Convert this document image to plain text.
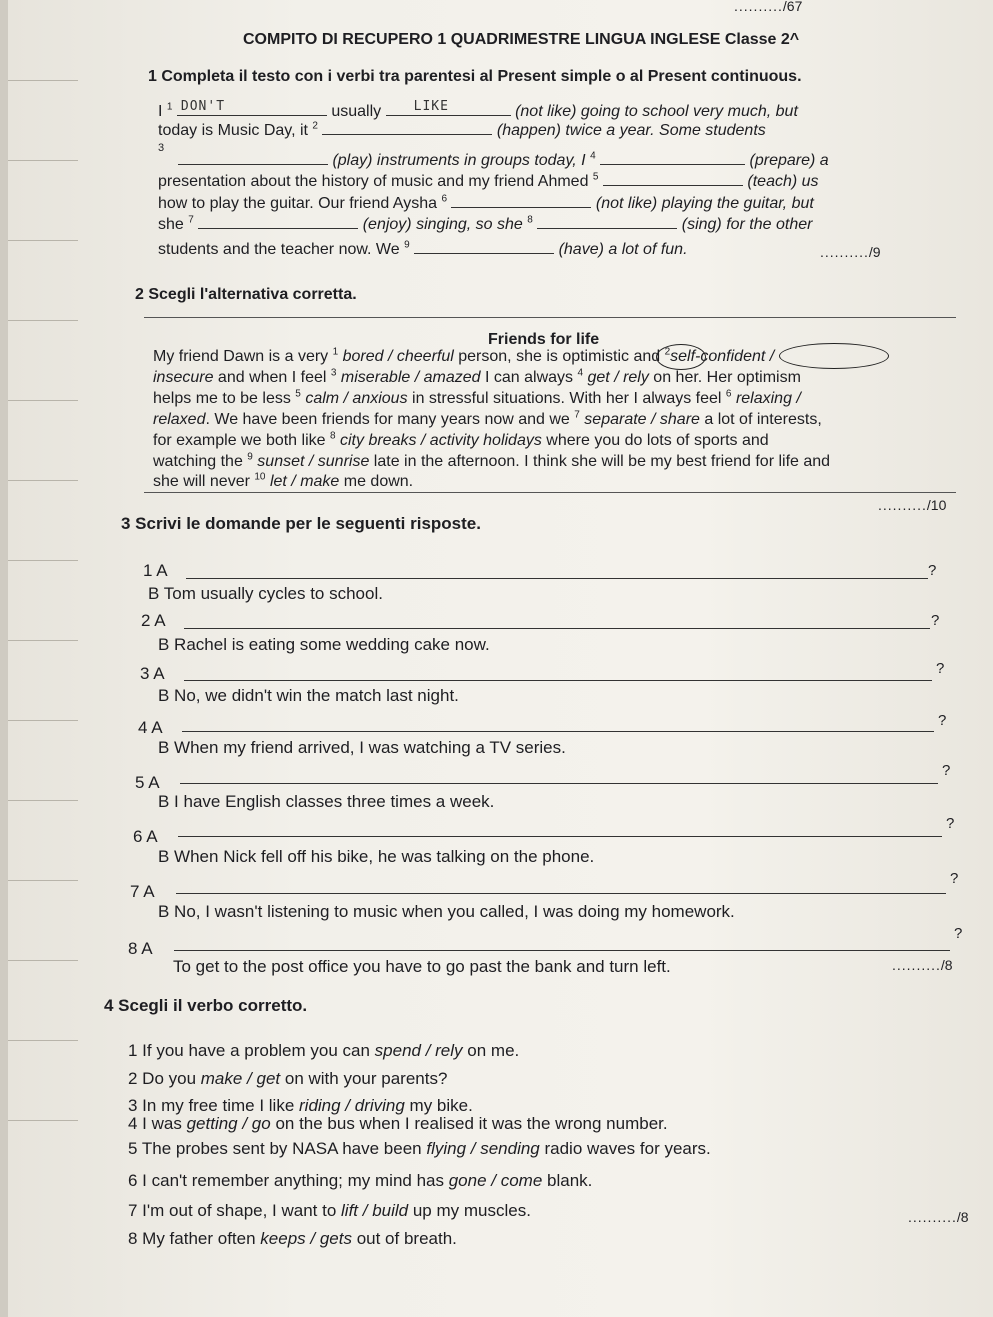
........../67
COMPITO DI RECUPERO 1 QUADRIMESTRE LINGUA INGLESE Classe 2^
1 Completa il testo con i verbi tra parentesi al Present simple o al Present continuous.
I $^1$ DON'T	usually LIKE	(not like) going to school very much, but
today is Music Day, it $^2$	(happen) twice a year. Some students
3
(play) instruments in groups today, I $^4$	(prepare) a
presentation about the history of music and my friend Ahmed $^5$	(teach) us
how to play the guitar. Our friend Aysha $^6$	(not like) playing the guitar, but
she $^7$	(enjoy) singing, so she $^8$	(sing) for the other
students and the teacher now. We $^9$	(have) a lot of fun.	........../9
2 Scegli l'alternativa corretta.
Friends for life
My friend Dawn is a very $^1$ bored / cheerful person, she is optimistic and $^2$self-confident /
insecure and when I feel $^3$ miserable / amazed I can always $^4$ get / rely on her. Her optimism
helps me to be less $^5$ calm / anxious in stressful situations. With her I always feel $^6$ relaxing /
relaxed. We have been friends for many years now and we $^7$ separate / share a lot of interests,
for example we both like $^8$ city breaks / activity holidays where you do lots of sports and
watching the $^9$ sunset / sunrise late in the afternoon. I think she will be my best friend for life and
she will never $^{10}$ let / make me down.
........../10
3 Scrivi le domande per le seguenti risposte.
1 A	?
B Tom usually cycles to school.
2 A	?
B Rachel is eating some wedding cake now.
3 A	?
B No, we didn't win the match last night.
4 A	?
B When my friend arrived, I was watching a TV series.
5 A
?
B I have English classes three times a week.
6 A
?
B When Nick fell off his bike, he was talking on the phone.
7 A
?
B No, I wasn't listening to music when you called, I was doing my homework.
8 A
?
To get to the post office you have to go past the bank and turn left.	........../8
4 Scegli il verbo corretto.
1 If you have a problem you can spend / rely on me.
2 Do you make / get on with your parents?
3 In my free time I like riding / driving my bike.
4 I was getting / go on the bus when I realised it was the wrong number.
5 The probes sent by NASA have been flying / sending radio waves for years.
6 I can't remember anything; my mind has gone / come blank.
7 I'm out of shape, I want to lift / build up my muscles.
8 My father often keeps / gets out of breath.
........../8
